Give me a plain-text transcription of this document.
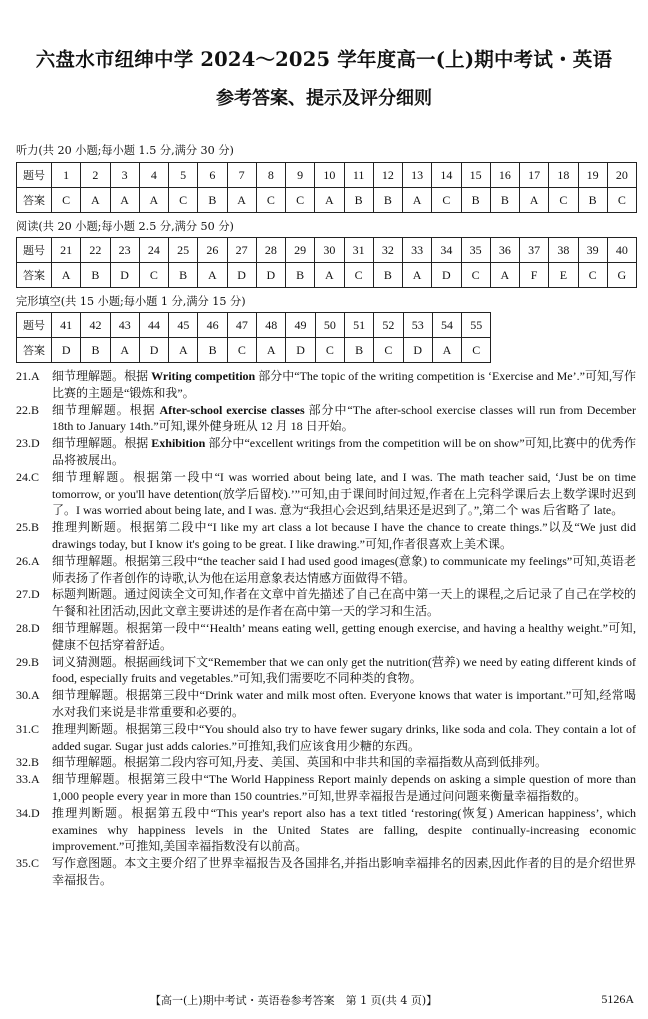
六盘水市纽绅中学 2024～2025 学年度高一(上)期中考试・英语
参考答案、提示及评分细则
听力(共 20 小题;每小题 1.5 分,满分 30 分)
题号	1	2	3	4	5	6	7	8	9	10	11	12	13	14	15	16	17	18	19	20
答案	C	A	A	A	C	B	A	C	C	A	B	B	A	C	B	B	A	C	B	C
阅读(共 20 小题;每小题 2.5 分,满分 50 分)
题号	21	22	23	24	25	26	27	28	29	30	31	32	33	34	35	36	37	38	39	40
答案	A	B	D	C	B	A	D	D	B	A	C	B	A	D	C	A	F	E	C	G
完形填空(共 15 小题;每小题 1 分,满分 15 分)
题号	41	42	43	44	45	46	47	48	49	50	51	52	53	54	55
答案	D	B	A	D	A	B	C	A	D	C	B	C	D	A	C
21.A	细节理解题。根据 Writing competition 部分中“The topic of the writing competition is ‘Exercise and Me’.”可知,写作比赛的主题是“锻炼和我”。
22.B	细节理解题。根据 After-school exercise classes 部分中“The after-school exercise classes will run from December 18th to January 14th.”可知,课外健身班从 12 月 18 日开始。
23.D	细节理解题。根据 Exhibition 部分中“excellent writings from the competition will be on show”可知,比赛中的优秀作品将被展出。
24.C	细节理解题。根据第一段中“I was worried about being late, and I was. The math teacher said, ‘Just be on time tomorrow, or you'll have detention(放学后留校).’”可知,由于课间时间过短,作者在上完科学课后去上数学课时迟到了。I was worried about being late, and I was. 意为“我担心会迟到,结果还是迟到了。”,第二个 was 后省略了 late。
25.B	推理判断题。根据第二段中“I like my art class a lot because I have the chance to create things.”以及“We just did drawings today, but I know it's going to be great. I like drawing.”可知,作者很喜欢上美术课。
26.A	细节理解题。根据第三段中“the teacher said I had used good images(意象) to communicate my feelings”可知,英语老师表扬了作者创作的诗歌,认为他在运用意象表达情感方面做得不错。
27.D	标题判断题。通过阅读全文可知,作者在文章中首先描述了自己在高中第一天上的课程,之后记录了自己在学校的午餐和社团活动,因此文章主要讲述的是作者在高中第一天的学习和生活。
28.D	细节理解题。根据第一段中“‘Health’ means eating well, getting enough exercise, and having a healthy weight.”可知,健康不包括穿着舒适。
29.B	词义猜测题。根据画线词下文“Remember that we can only get the nutrition(营养) we need by eating different kinds of food, especially fruits and vegetables.”可知,我们需要吃不同种类的食物。
30.A	细节理解题。根据第三段中“Drink water and milk most often. Everyone knows that water is important.”可知,经常喝水对我们来说是非常重要和必要的。
31.C	推理判断题。根据第三段中“You should also try to have fewer sugary drinks, like soda and cola. They contain a lot of added sugar. Sugar just adds calories.”可推知,我们应该食用少糖的东西。
32.B	细节理解题。根据第二段内容可知,丹麦、美国、英国和中非共和国的幸福指数从高到低排列。
33.A	细节理解题。根据第三段中“The World Happiness Report mainly depends on asking a simple question of more than 1,000 people every year in more than 150 countries.”可知,世界幸福报告是通过问问题来衡量幸福指数的。
34.D	推理判断题。根据第五段中“This year's report also has a text titled ‘restoring(恢复) American happiness’, which examines why happiness levels in the United States are falling, despite continually-increasing economic improvement.”可推知,美国幸福指数没有以前高。
35.C	写作意图题。本文主要介绍了世界幸福报告及各国排名,并指出影响幸福排名的因素,因此作者的目的是介绍世界幸福报告。
【高一(上)期中考试・英语卷参考答案　第 1 页(共 4 页)】	5126A
